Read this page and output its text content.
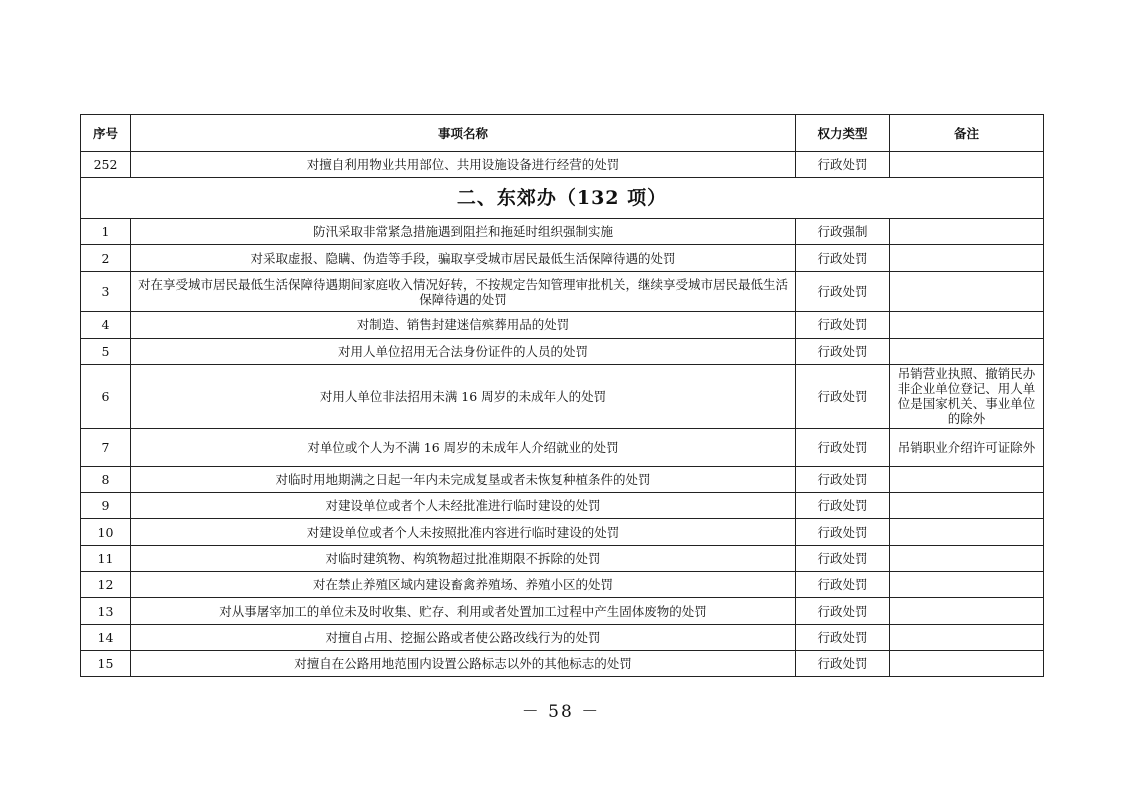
序号	事项名称	权力类型	备注
252	对擅自利用物业共用部位、共用设施设备进行经营的处罚	行政处罚	
二、东郊办（132 项）			
1	防汛采取非常紧急措施遇到阻拦和拖延时组织强制实施	行政强制	
2	对采取虚报、隐瞒、伪造等手段，骗取享受城市居民最低生活保障待遇的处罚	行政处罚	
3	对在享受城市居民最低生活保障待遇期间家庭收入情况好转，不按规定告知管理审批机关，继续享受城市居民最低生活保障待遇的处罚	行政处罚	
4	对制造、销售封建迷信殡葬用品的处罚	行政处罚	
5	对用人单位招用无合法身份证件的人员的处罚	行政处罚	
6	对用人单位非法招用未满 16 周岁的未成年人的处罚	行政处罚	吊销营业执照、撤销民办非企业单位登记、用人单位是国家机关、事业单位的除外
7	对单位或个人为不满 16 周岁的未成年人介绍就业的处罚	行政处罚	吊销职业介绍许可证除外
8	对临时用地期满之日起一年内未完成复垦或者未恢复种植条件的处罚	行政处罚	
9	对建设单位或者个人未经批准进行临时建设的处罚	行政处罚	
10	对建设单位或者个人未按照批准内容进行临时建设的处罚	行政处罚	
11	对临时建筑物、构筑物超过批准期限不拆除的处罚	行政处罚	
12	对在禁止养殖区域内建设畜禽养殖场、养殖小区的处罚	行政处罚	
13	对从事屠宰加工的单位未及时收集、贮存、利用或者处置加工过程中产生固体废物的处罚	行政处罚	
14	对擅自占用、挖掘公路或者使公路改线行为的处罚	行政处罚	
15	对擅自在公路用地范围内设置公路标志以外的其他标志的处罚	行政处罚	
－ 58 －
